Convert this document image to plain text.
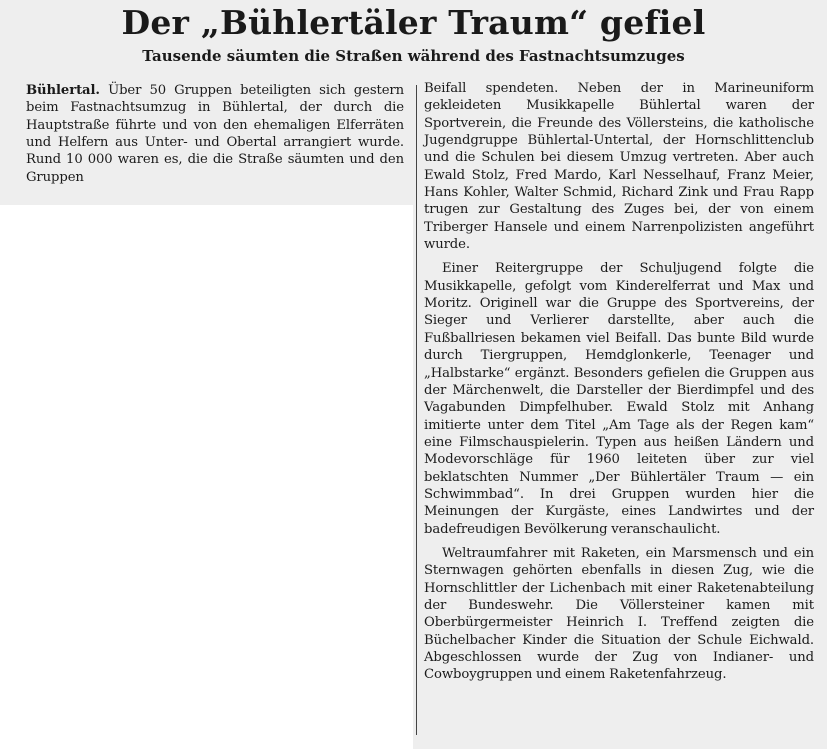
Der „Bühlertäler Traum“ gefiel
Tausende säumten die Straßen während des Fastnachtsumzuges

Bühlertal. Über 50 Gruppen beteiligten sich gestern beim Fastnachtsumzug in Bühlertal, der durch die Hauptstraße führte und von den ehemaligen Elferräten und Helfern aus Unter- und Obertal arrangiert wurde. Rund 10 000 waren es, die die Straße säumten und den Gruppen

Beifall spendeten. Neben der in Marineuniform gekleideten Musikkapelle Bühlertal waren der Sportverein, die Freunde des Völlersteins, die katholische Jugendgruppe Bühlertal-Untertal, der Hornschlittenclub und die Schulen bei diesem Umzug vertreten. Aber auch Ewald Stolz, Fred Mardo, Karl Nesselhauf, Franz Meier, Hans Kohler, Walter Schmid, Richard Zink und Frau Rapp trugen zur Gestaltung des Zuges bei, der von einem Triberger Hansele und einem Narrenpolizisten angeführt wurde.

Einer Reitergruppe der Schuljugend folgte die Musikkapelle, gefolgt vom Kinderelferrat und Max und Moritz. Originell war die Gruppe des Sportvereins, der Sieger und Verlierer darstellte, aber auch die Fußballriesen bekamen viel Beifall. Das bunte Bild wurde durch Tiergruppen, Hemdglonkerle, Teenager und „Halbstarke“ ergänzt. Besonders gefielen die Gruppen aus der Märchenwelt, die Darsteller der Bierdimpfel und des Vagabunden Dimpfelhuber. Ewald Stolz mit Anhang imitierte unter dem Titel „Am Tage als der Regen kam“ eine Filmschauspielerin. Typen aus heißen Ländern und Modevorschläge für 1960 leiteten über zur viel beklatschten Nummer „Der Bühlertäler Traum — ein Schwimmbad“. In drei Gruppen wurden hier die Meinungen der Kurgäste, eines Landwirtes und der badefreudigen Bevölkerung veranschaulicht.

Weltraumfahrer mit Raketen, ein Marsmensch und ein Sternwagen gehörten ebenfalls in diesen Zug, wie die Hornschlittler der Lichenbach mit einer Raketenabteilung der Bundeswehr. Die Völlersteiner kamen mit Oberbürgermeister Heinrich I. Treffend zeigten die Büchelbacher Kinder die Situation der Schule Eichwald. Abgeschlossen wurde der Zug von Indianer- und Cowboygruppen und einem Raketenfahrzeug.
